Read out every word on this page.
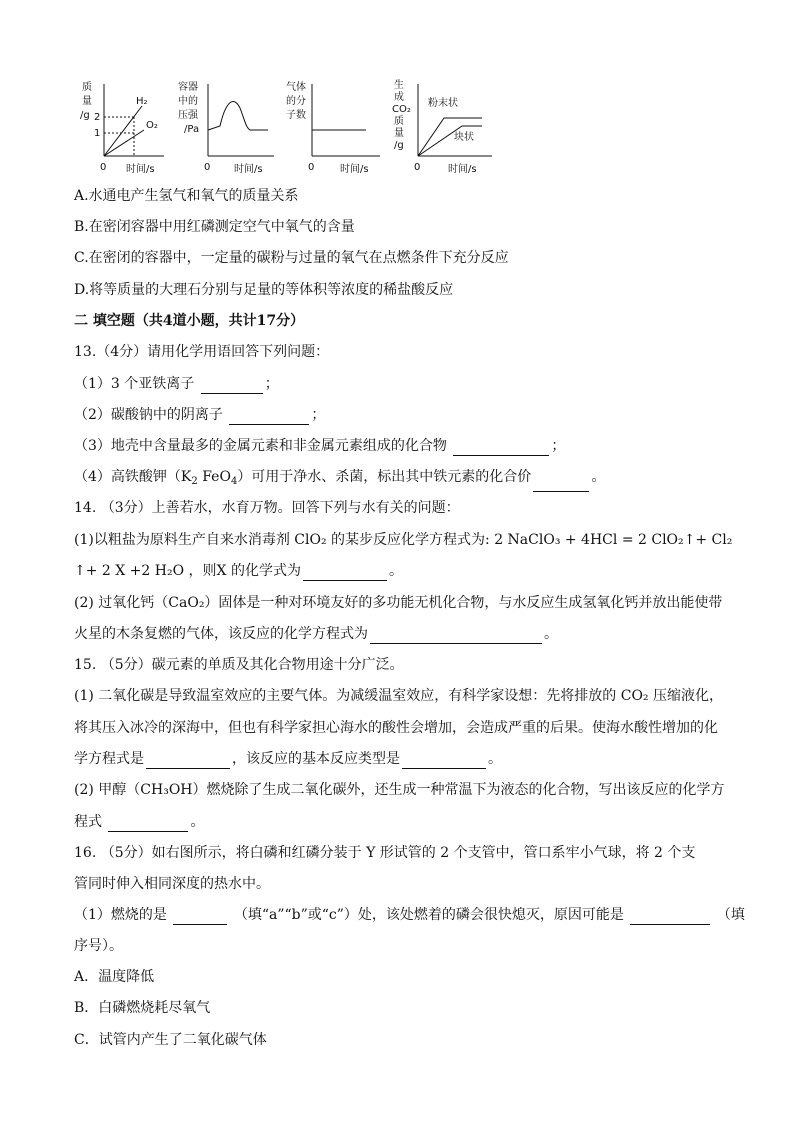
质
量
/g 2
1
H₂
O₂
0 时间/s
容器
中的
压强
/Pa
0 时间/s
气体
的分
子数
0	时间/s
生
成
CO₂
质
量
/g
粉末状
块状
0	时间/s
A.水通电产生氢气和氧气的质量关系
B.在密闭容器中用红磷测定空气中氧气的含量
C.在密闭的容器中，一定量的碳粉与过量的氧气在点燃条件下充分反应
D.将等质量的大理石分别与足量的等体积等浓度的稀盐酸反应
二 填空题（共4道小题，共计17分）
13.（4分）请用化学用语回答下列问题：
（1）3 个亚铁离子	；
（2）碳酸钠中的阴离子	；
（3）地壳中含量最多的金属元素和非金属元素组成的化合物	；
（4）高铁酸钾（$K_2$ FeO$_4$）可用于净水、杀菌，标出其中铁元素的化合价	。
14. （3分）上善若水，水育万物。回答下列与水有关的问题：
(1)以粗盐为原料生产自来水消毒剂 ClO₂ 的某步反应化学方程式为: 2 NaClO₃ + 4HCl = 2 ClO₂↑+ Cl₂
↑+ 2 X +2 H₂O ，则X 的化学式为	。
(2) 过氧化钙（CaO₂）固体是一种对环境友好的多功能无机化合物，与水反应生成氢氧化钙并放出能使带
火星的木条复燃的气体，该反应的化学方程式为	。
15. （5分）碳元素的单质及其化合物用途十分广泛。
(1) 二氧化碳是导致温室效应的主要气体。为减缓温室效应，有科学家设想：先将排放的 CO₂ 压缩液化，
将其压入冰冷的深海中，但也有科学家担心海水的酸性会增加，会造成严重的后果。使海水酸性增加的化
学方程式是	，该反应的基本反应类型是	。
(2) 甲醇（CH₃OH）燃烧除了生成二氧化碳外，还生成一种常温下为液态的化合物，写出该反应的化学方
程式	。
16. （5分）如右图所示，将白磷和红磷分装于 Y 形试管的 2 个支管中，管口系牢小气球，将 2 个支
管同时伸入相同深度的热水中。
（1）燃烧的是	（填“a”“b”或“c”）处，该处燃着的磷会很快熄灭，原因可能是	（填
序号）。
A．温度降低
B．白磷燃烧耗尽氧气
C．试管内产生了二氧化碳气体
